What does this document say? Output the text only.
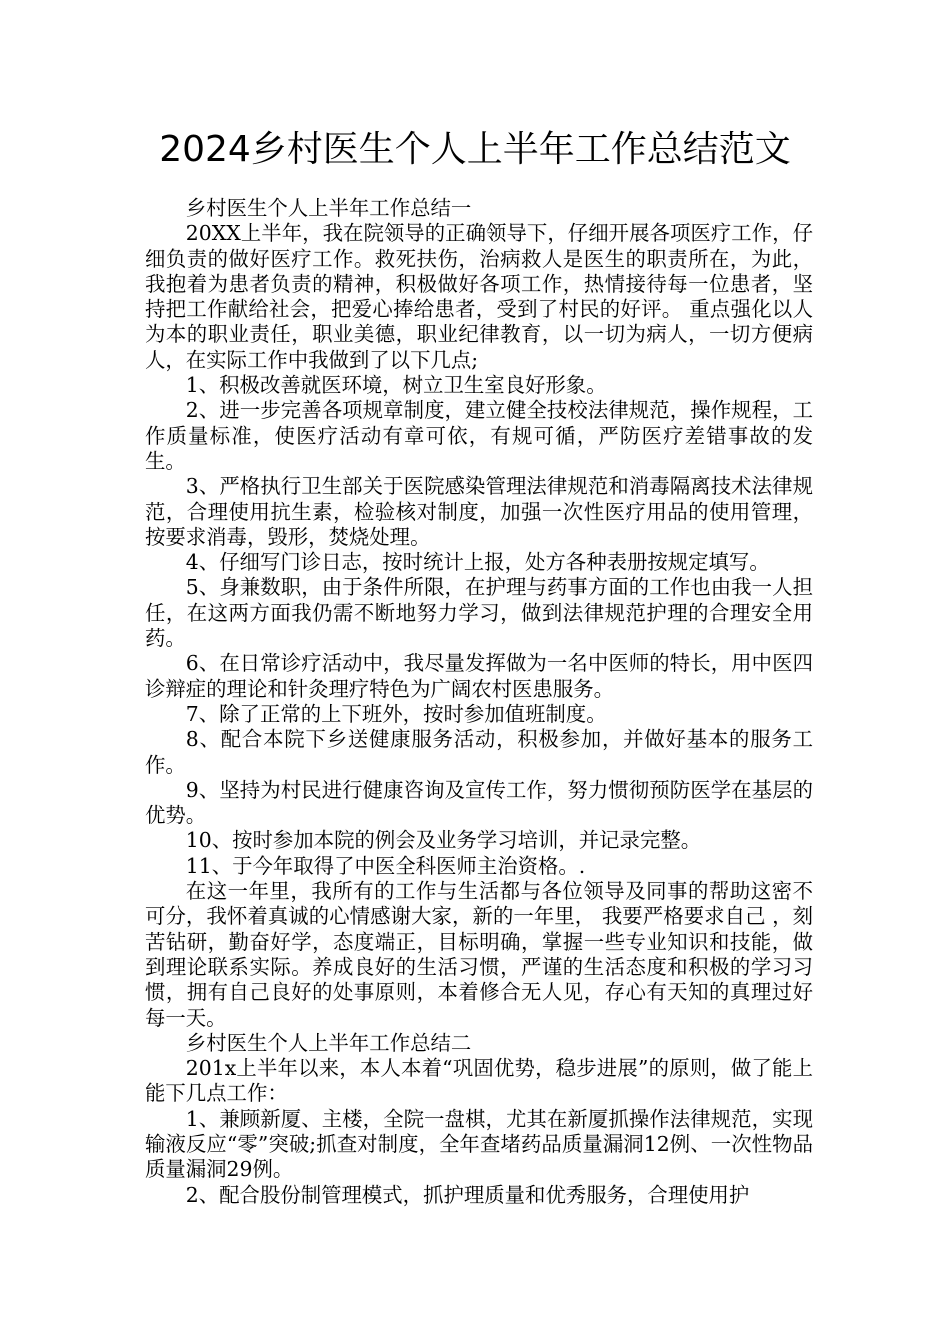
2024乡村医生个人上半年工作总结范文

乡村医生个人上半年工作总结一

20XX上半年，我在院领导的正确领导下，仔细开展各项医疗工作，仔细负责的做好医疗工作。救死扶伤，治病救人是医生的职责所在，为此，我抱着为患者负责的精神，积极做好各项工作，热情接待每一位患者，坚持把工作献给社会，把爱心捧给患者，受到了村民的好评。 重点强化以人为本的职业责任，职业美德，职业纪律教育，以一切为病人，一切方便病人，在实际工作中我做到了以下几点;

1、积极改善就医环境，树立卫生室良好形象。

2、进一步完善各项规章制度，建立健全技校法律规范，操作规程，工作质量标准，使医疗活动有章可依，有规可循，严防医疗差错事故的发生。

3、严格执行卫生部关于医院感染管理法律规范和消毒隔离技术法律规范，合理使用抗生素，检验核对制度，加强一次性医疗用品的使用管理，按要求消毒，毁形，焚烧处理。

4、仔细写门诊日志，按时统计上报，处方各种表册按规定填写。

5、身兼数职，由于条件所限，在护理与药事方面的工作也由我一人担任，在这两方面我仍需不断地努力学习，做到法律规范护理的合理安全用药。

6、在日常诊疗活动中，我尽量发挥做为一名中医师的特长，用中医四诊辩症的理论和针灸理疗特色为广阔农村医患服务。

7、除了正常的上下班外，按时参加值班制度。

8、配合本院下乡送健康服务活动，积极参加，并做好基本的服务工作。

9、坚持为村民进行健康咨询及宣传工作，努力惯彻预防医学在基层的优势。

10、按时参加本院的例会及业务学习培训，并记录完整。

11、于今年取得了中医全科医师主治资格。.

在这一年里，我所有的工作与生活都与各位领导及同事的帮助这密不可分，我怀着真诚的心情感谢大家，新的一年里， 我要严格要求自己 ，刻苦钻研，勤奋好学，态度端正，目标明确，掌握一些专业知识和技能，做到理论联系实际。养成良好的生活习惯，严谨的生活态度和积极的学习习惯，拥有自己良好的处事原则，本着修合无人见，存心有天知的真理过好每一天。

乡村医生个人上半年工作总结二

201x上半年以来，本人本着“巩固优势，稳步进展”的原则，做了能上能下几点工作：

1、兼顾新厦、主楼，全院一盘棋，尤其在新厦抓操作法律规范，实现输液反应“零”突破;抓查对制度，全年查堵药品质量漏洞12例、一次性物品质量漏洞29例。

2、配合股份制管理模式，抓护理质量和优秀服务，合理使用护
